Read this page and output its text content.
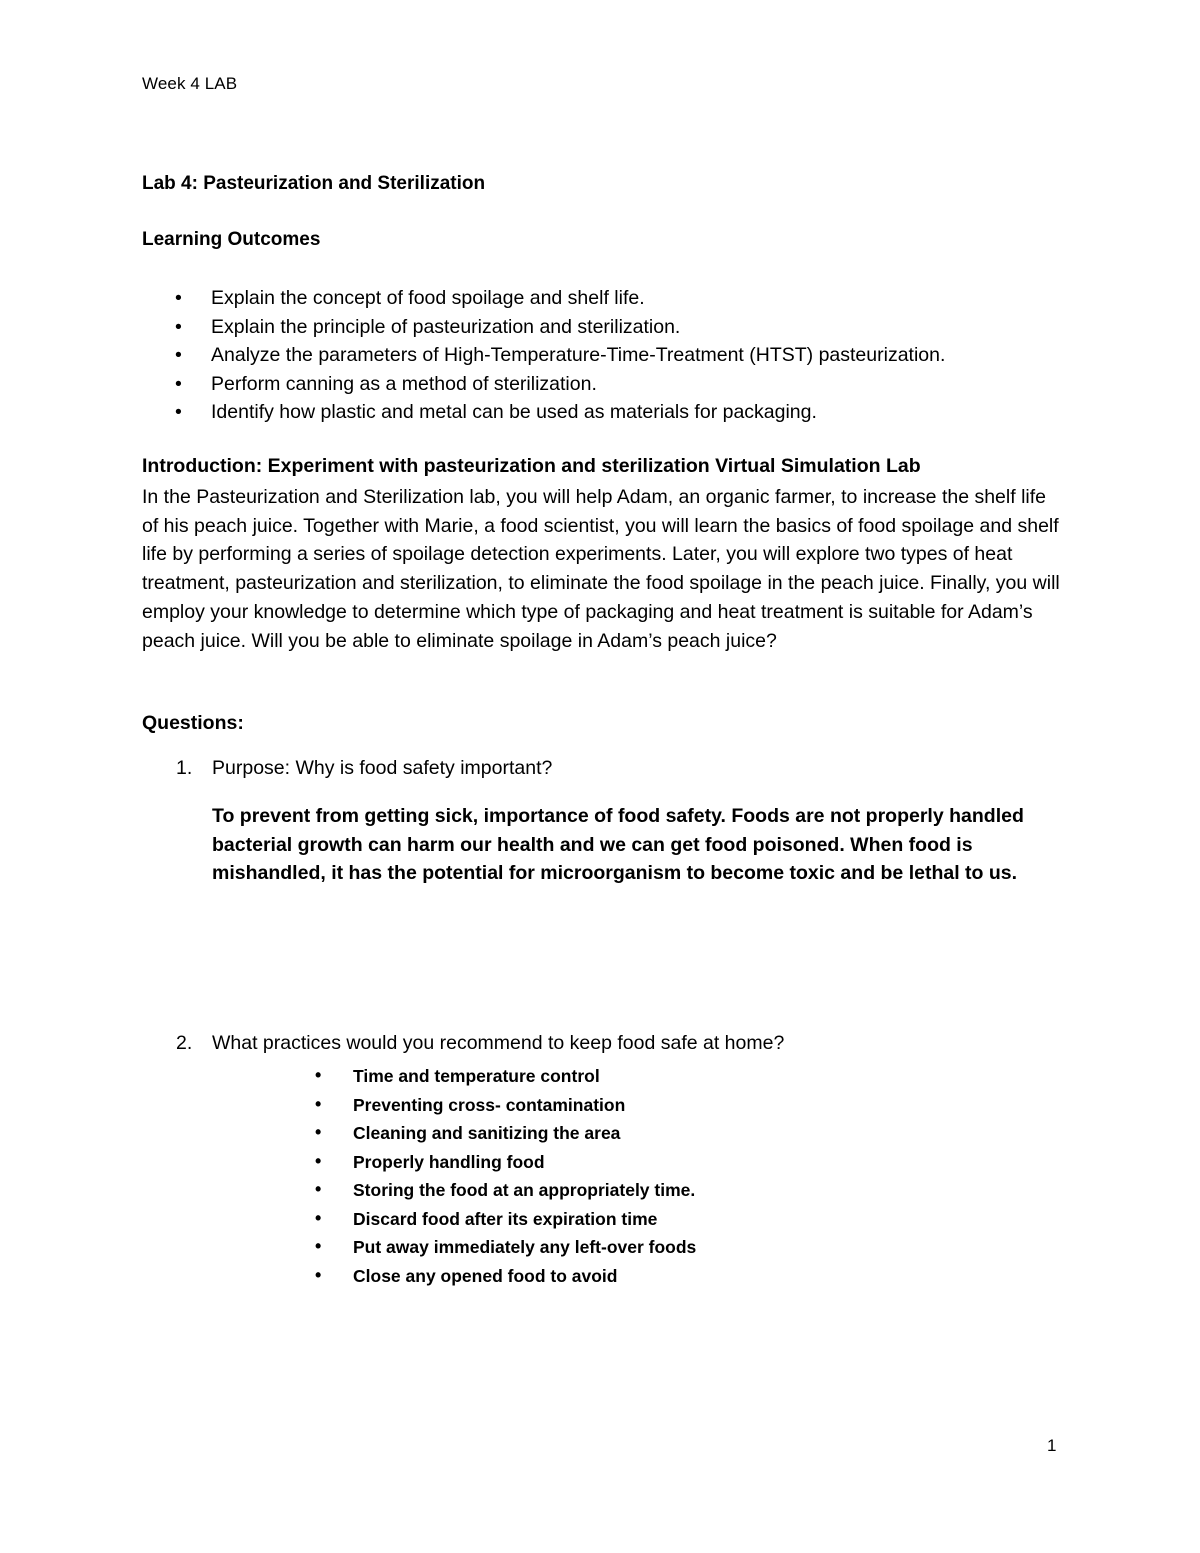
Week 4 LAB
Lab 4: Pasteurization and Sterilization
Learning Outcomes
• Explain the concept of food spoilage and shelf life.
• Explain the principle of pasteurization and sterilization.
• Analyze the parameters of High-Temperature-Time-Treatment (HTST) pasteurization.
• Perform canning as a method of sterilization.
• Identify how plastic and metal can be used as materials for packaging.
Introduction: Experiment with pasteurization and sterilization Virtual Simulation Lab

In the Pasteurization and Sterilization lab, you will help Adam, an organic farmer, to increase the shelf life of his peach juice. Together with Marie, a food scientist, you will learn the basics of food spoilage and shelf life by performing a series of spoilage detection experiments. Later, you will explore two types of heat treatment, pasteurization and sterilization, to eliminate the food spoilage in the peach juice. Finally, you will employ your knowledge to determine which type of packaging and heat treatment is suitable for Adam’s peach juice. Will you be able to eliminate spoilage in Adam’s peach juice?

Questions:
1. Purpose: Why is food safety important?

To prevent from getting sick, importance of food safety. Foods are not properly handled bacterial growth can harm our health and we can get food poisoned. When food is mishandled, it has the potential for microorganism to become toxic and be lethal to us.

2. What practices would you recommend to keep food safe at home?
• Time and temperature control
• Preventing cross- contamination
• Cleaning and sanitizing the area
• Properly handling food
• Storing the food at an appropriately time.
• Discard food after its expiration time
• Put away immediately any left-over foods
• Close any opened food to avoid
1
